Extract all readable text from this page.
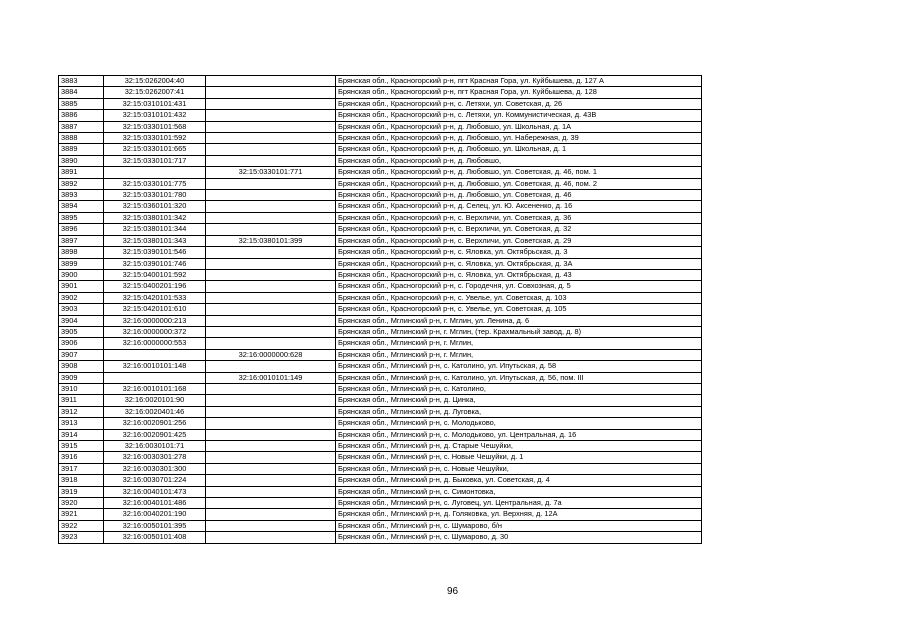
3883	32:15:0262004:40		Брянская обл., Красногорский р-н, пгт Красная Гора, ул. Куйбышева, д. 127 А
3884	32:15:0262007:41		Брянская обл., Красногорский р-н, пгт Красная Гора, ул. Куйбышева, д. 128
3885	32:15:0310101:431		Брянская обл., Красногорский р-н, с. Летяхи, ул. Советская, д. 26
3886	32:15:0310101:432		Брянская обл., Красногорский р-н, с. Летяхи, ул. Коммунистическая, д. 43В
3887	32:15:0330101:568		Брянская обл., Красногорский р-н, д. Любовшо, ул. Школьная, д. 1А
3888	32:15:0330101:592		Брянская обл., Красногорский р-н, д. Любовшо, ул. Набережная, д. 39
3889	32:15:0330101:665		Брянская обл., Красногорский р-н, д. Любовшо, ул. Школьная, д. 1
3890	32:15:0330101:717		Брянская обл., Красногорский р-н, д. Любовшо,
3891		32:15:0330101:771	Брянская обл., Красногорский р-н, д. Любовшо, ул. Советская, д. 46, пом. 1
3892	32:15:0330101:775		Брянская обл., Красногорский р-н, д. Любовшо, ул. Советская, д. 46, пом. 2
3893	32:15:0330101:780		Брянская обл., Красногорский р-н, д. Любовшо, ул. Советская, д. 46
3894	32:15:0360101:320		Брянская обл., Красногорский р-н, д. Селец, ул. Ю. Аксененко, д. 16
3895	32:15:0380101:342		Брянская обл., Красногорский р-н, с. Верхличи, ул. Советская, д. 36
3896	32:15:0380101:344		Брянская обл., Красногорский р-н, с. Верхличи, ул. Советская, д. 32
3897	32:15:0380101:343	32:15:0380101:399	Брянская обл., Красногорский р-н, с. Верхличи, ул. Советская, д. 29
3898	32:15:0390101:546		Брянская обл., Красногорский р-н, с. Яловка, ул. Октябрьская, д. 3
3899	32:15:0390101:746		Брянская обл., Красногорский р-н, с. Яловка, ул. Октябрьская, д. 3А
3900	32:15:0400101:592		Брянская обл., Красногорский р-н, с. Яловка, ул. Октябрьская, д. 43
3901	32:15:0400201:196		Брянская обл., Красногорский р-н, с. Городечня, ул. Совхозная, д. 5
3902	32:15:0420101:533		Брянская обл., Красногорский р-н, с. Увелье, ул. Советская, д. 103
3903	32:15:0420101:610		Брянская обл., Красногорский р-н, с. Увелье, ул. Советская, д. 105
3904	32:16:0000000:213		Брянская обл., Мглинский р-н, г. Мглин, ул. Ленина, д. 6
3905	32:16:0000000:372		Брянская обл., Мглинский р-н, г. Мглин, (тер. Крахмальный завод, д. 8)
3906	32:16:0000000:553		Брянская обл., Мглинский р-н, г. Мглин,
3907		32:16:0000000:628	Брянская обл., Мглинский р-н, г. Мглин,
3908	32:16:0010101:148		Брянская обл., Мглинский р-н, с. Католино, ул. Ипутьская, д. 58
3909		32:16:0010101:149	Брянская обл., Мглинский р-н, с. Католино, ул. Ипутьская, д. 56, пом. III
3910	32:16:0010101:168		Брянская обл., Мглинский р-н, с. Католино,
3911	32:16:0020101:90		Брянская обл., Мглинский р-н, д. Цинка,
3912	32:16:0020401:46		Брянская обл., Мглинский р-н, д. Луговка,
3913	32:16:0020901:256		Брянская обл., Мглинский р-н, с. Молодьково,
3914	32:16:0020901:425		Брянская обл., Мглинский р-н, с. Молодьково, ул. Центральная, д. 16
3915	32:16:0030101:71		Брянская обл., Мглинский р-н, д. Старые Чешуйки,
3916	32:16:0030301:278		Брянская обл., Мглинский р-н, с. Новые Чешуйки, д. 1
3917	32:16:0030301:300		Брянская обл., Мглинский р-н, с. Новые Чешуйки,
3918	32:16:0030701:224		Брянская обл., Мглинский р-н, д. Быковка, ул. Советская, д. 4
3919	32:16:0040101:473		Брянская обл., Мглинский р-н, с. Симонтовка,
3920	32:16:0040101:486		Брянская обл., Мглинский р-н, с. Луговец, ул. Центральная, д. 7а
3921	32:16:0040201:190		Брянская обл., Мглинский р-н, д. Голяковка, ул. Верхняя, д. 12А
3922	32:16:0050101:395		Брянская обл., Мглинский р-н, с. Шумарово, б/н
3923	32:16:0050101:408		Брянская обл., Мглинский р-н, с. Шумарово, д. 30
96
